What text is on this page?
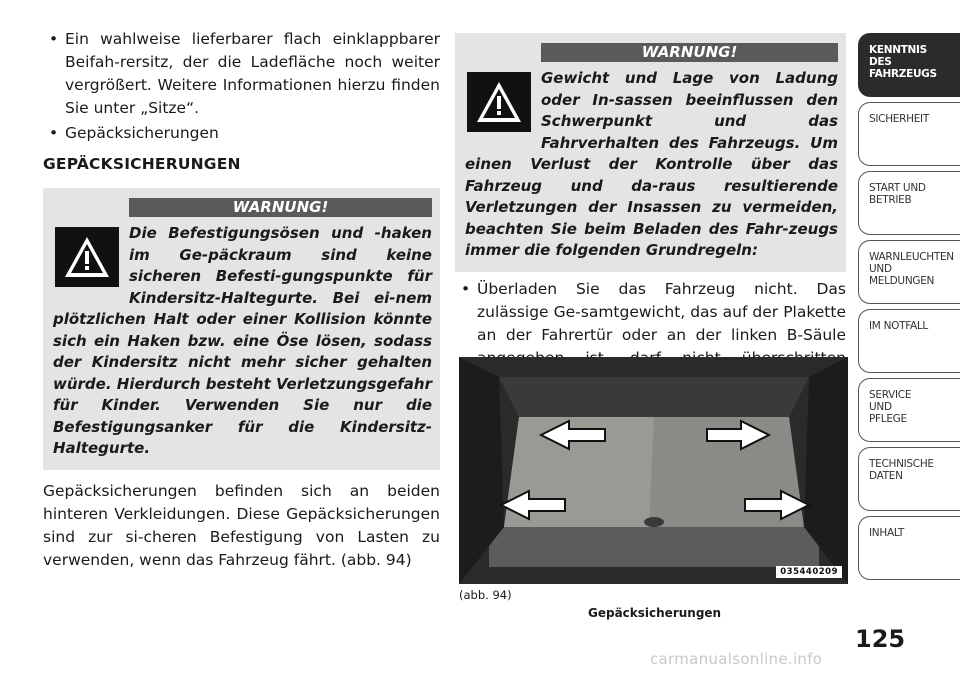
• Ein wahlweise lieferbarer flach einklappbarer Beifah-rersitz, der die Ladefläche noch weiter vergrößert. Weitere Informationen hierzu finden Sie unter „Sitze“.
• Gepäcksicherungen
GEPÄCKSICHERUNGEN
WARNUNG!
Die Befestigungsösen und -haken im Ge-päckraum sind keine sicheren Befesti-gungspunkte für Kindersitz-Haltegurte. Bei ei-nem plötzlichen Halt oder einer Kollision könnte sich ein Haken bzw. eine Öse lösen, sodass der Kindersitz nicht mehr sicher gehalten würde. Hierdurch besteht Verletzungsgefahr für Kinder. Verwenden Sie nur die Befestigungsanker für die Kindersitz-Haltegurte.
Gepäcksicherungen befinden sich an beiden hinteren Verkleidungen. Diese Gepäcksicherungen sind zur si-cheren Befestigung von Lasten zu verwenden, wenn das Fahrzeug fährt. (abb. 94)
WARNUNG!
Gewicht und Lage von Ladung oder In-sassen beeinflussen den Schwerpunkt und das Fahrverhalten des Fahrzeugs. Um einen Verlust der Kontrolle über das Fahrzeug und da-raus resultierende Verletzungen der Insassen zu vermeiden, beachten Sie beim Beladen des Fahr-zeugs immer die folgenden Grundregeln:
• Überladen Sie das Fahrzeug nicht. Das zulässige Ge-samtgewicht, das auf der Plakette an der Fahrertür oder an der linken B-Säule
035440209
(abb. 94)
Gepäcksicherungen
KENNTNIS
DES
FAHRZEUGS
SICHERHEIT
START UND
BETRIEB
WARNLEUCHTEN
UND
MELDUNGEN
IM NOTFALL
SERVICE
UND
PFLEGE
TECHNISCHE
DATEN
INHALT
125
carmanualsonline.info
